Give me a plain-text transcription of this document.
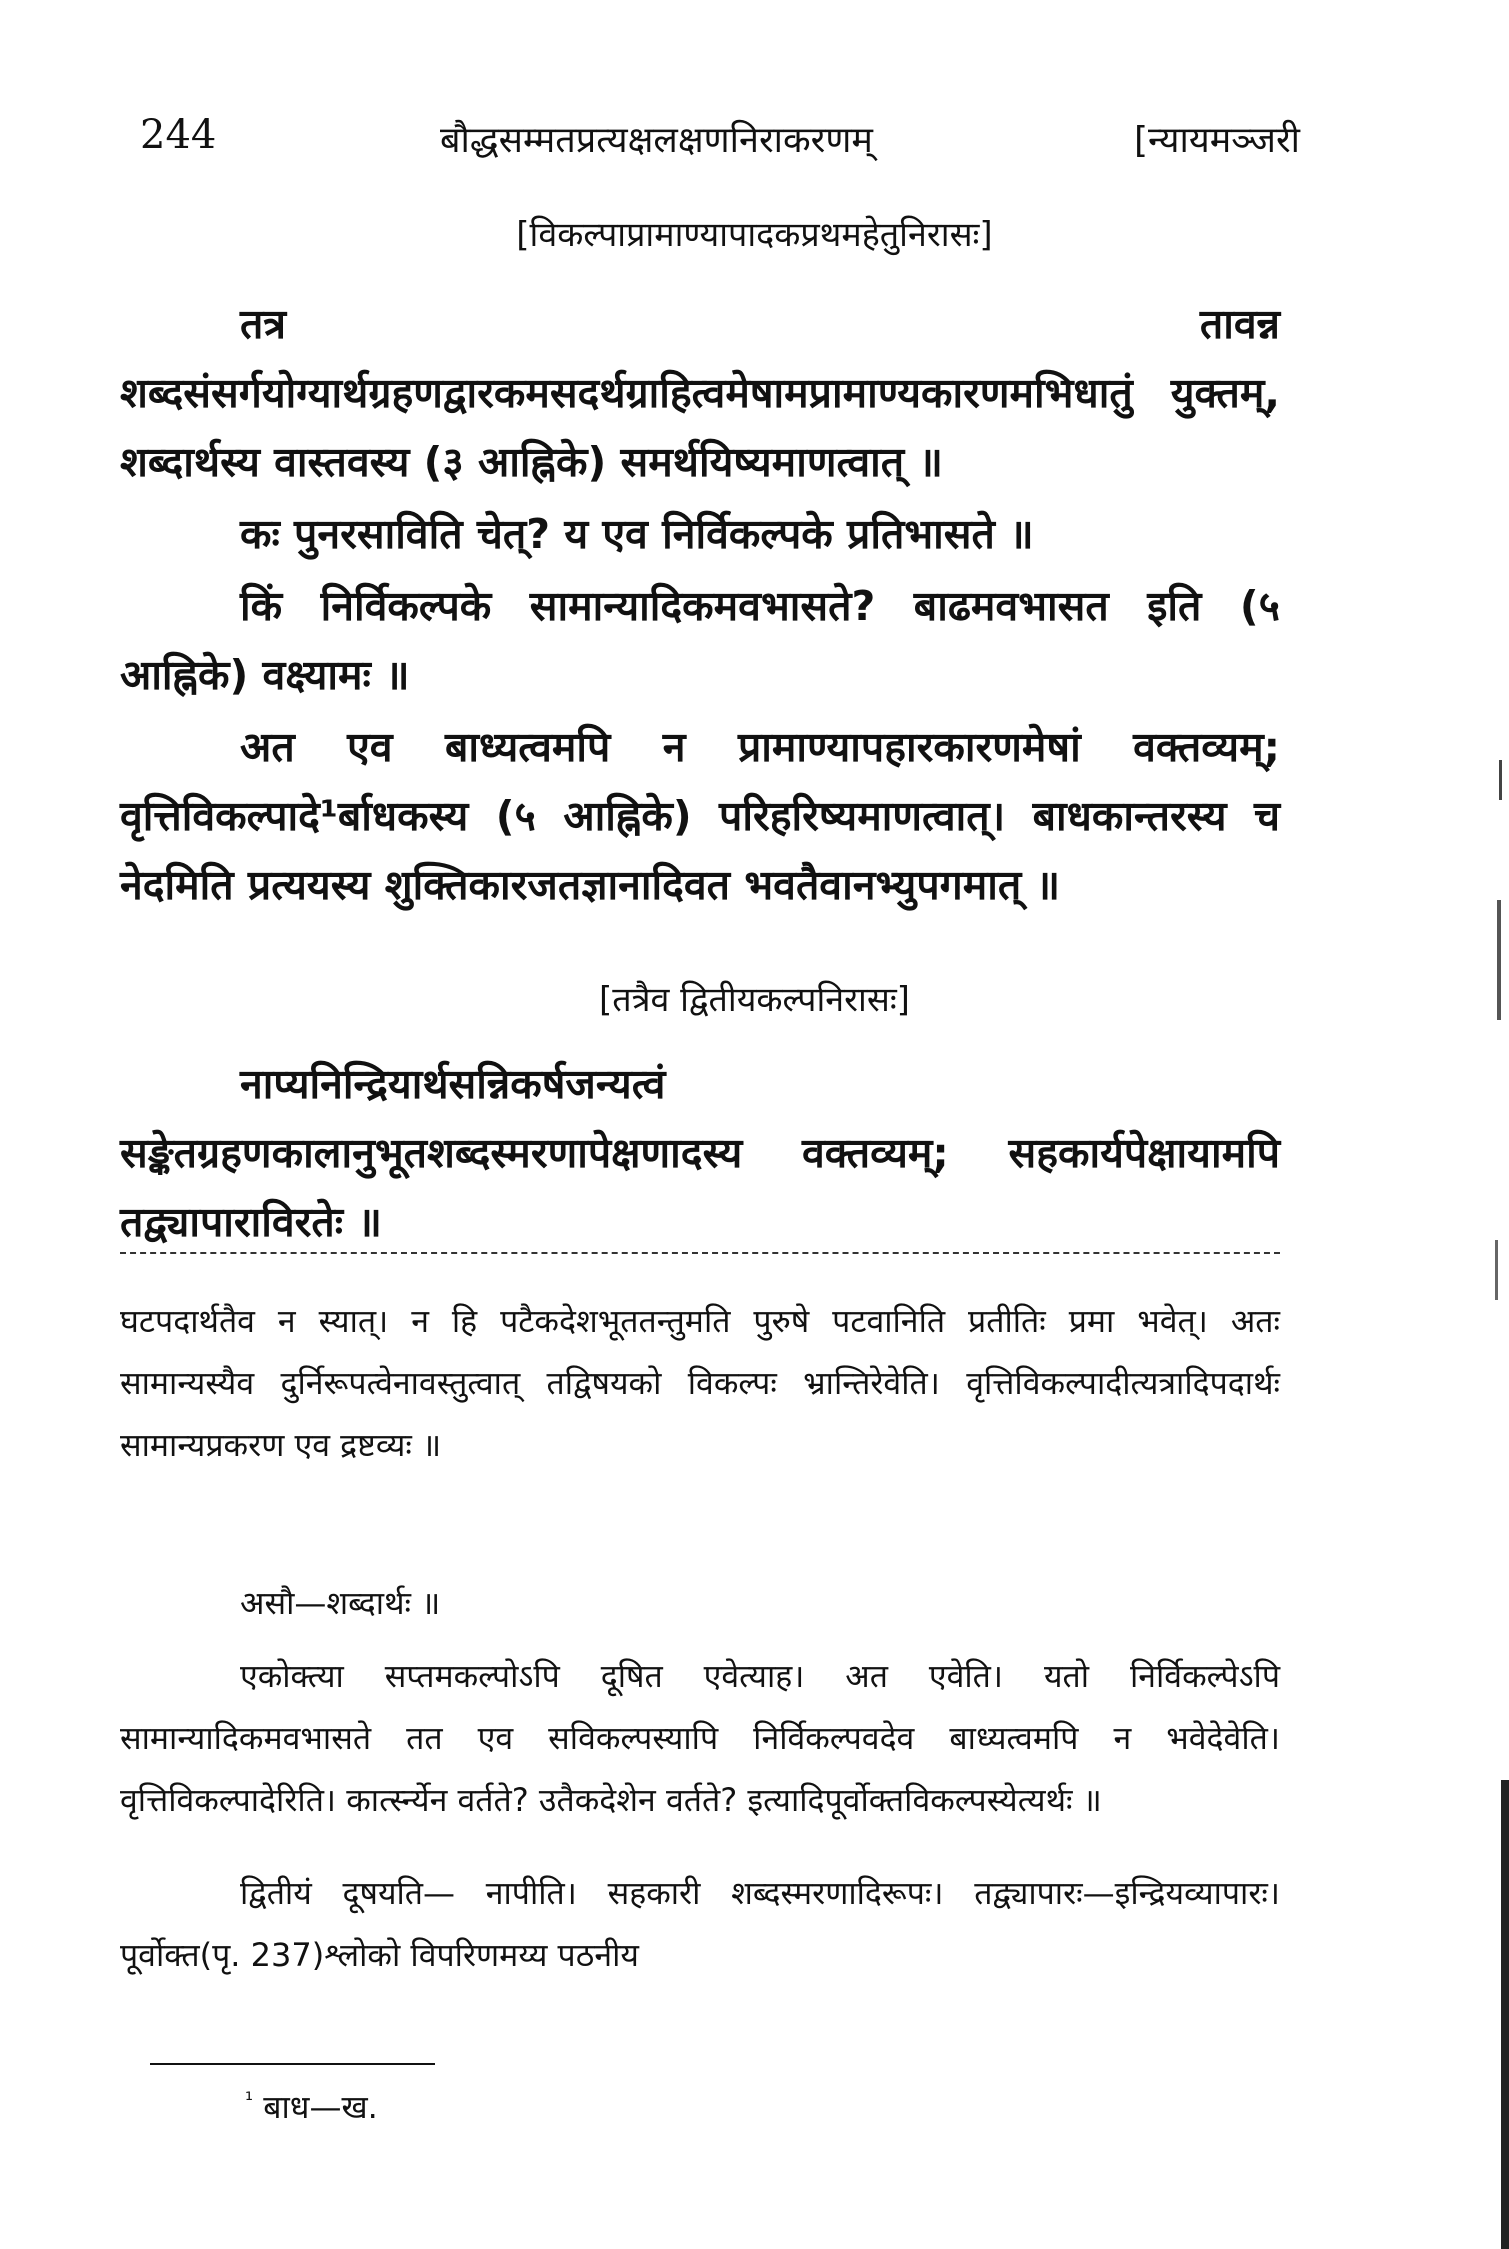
244	बौद्धसम्मतप्रत्यक्षलक्षणनिराकरणम्	[न्यायमञ्जरी
[विकल्पाप्रामाण्यापादकप्रथमहेतुनिरासः]

तत्र तावन्न शब्दसंसर्गयोग्यार्थग्रहणद्वारकमसदर्थग्राहित्वमेषामप्रामाण्यकारणमभिधातुं युक्तम्, शब्दार्थस्य वास्तवस्य (३ आह्निके) समर्थयिष्यमाणत्वात् ॥

कः पुनरसाविति चेत्? य एव निर्विकल्पके प्रतिभासते ॥

किं निर्विकल्पके सामान्यादिकमवभासते? बाढमवभासत इति (५ आह्निके) वक्ष्यामः ॥

अत एव बाध्यत्वमपि न प्रामाण्यापहारकारणमेषां वक्तव्यम्; वृत्तिविकल्पादे¹र्बाधकस्य (५ आह्निके) परिहरिष्यमाणत्वात्। बाधकान्तरस्य च नेदमिति प्रत्ययस्य शुक्तिकारजतज्ञानादिवत भवतैवानभ्युपगमात् ॥

[तत्रैव द्वितीयकल्पनिरासः]

नाप्यनिन्द्रियार्थसन्निकर्षजन्यत्वं सङ्केतग्रहणकालानुभूतशब्दस्मरणापेक्षणादस्य वक्तव्यम्; सहकार्यपेक्षायामपि तद्व्यापाराविरतेः ॥

घटपदार्थतैव न स्यात्। न हि पटैकदेशभूततन्तुमति पुरुषे पटवानिति प्रतीतिः प्रमा भवेत्। अतः सामान्यस्यैव दुर्निरूपत्वेनावस्तुत्वात् तद्विषयको विकल्पः भ्रान्तिरेवेति। वृत्तिविकल्पादीत्यत्रादिपदार्थः सामान्यप्रकरण एव द्रष्टव्यः ॥

असौ—शब्दार्थः ॥

एकोक्त्या सप्तमकल्पोऽपि दूषित एवेत्याह। अत एवेति। यतो निर्विकल्पेऽपि सामान्यादिकमवभासते तत एव सविकल्पस्यापि निर्विकल्पवदेव बाध्यत्वमपि न भवेदेवेति। वृत्तिविकल्पादेरिति। कार्त्स्न्येन वर्तते? उतैकदेशेन वर्तते? इत्यादिपूर्वोक्तविकल्पस्येत्यर्थः ॥

द्वितीयं दूषयति— नापीति। सहकारी शब्दस्मरणादिरूपः। तद्व्यापारः—इन्द्रियव्यापारः। पूर्वोक्त(पृ. 237)श्लोको विपरिणमय्य पठनीय

$^{^1}$ बाध—ख.
